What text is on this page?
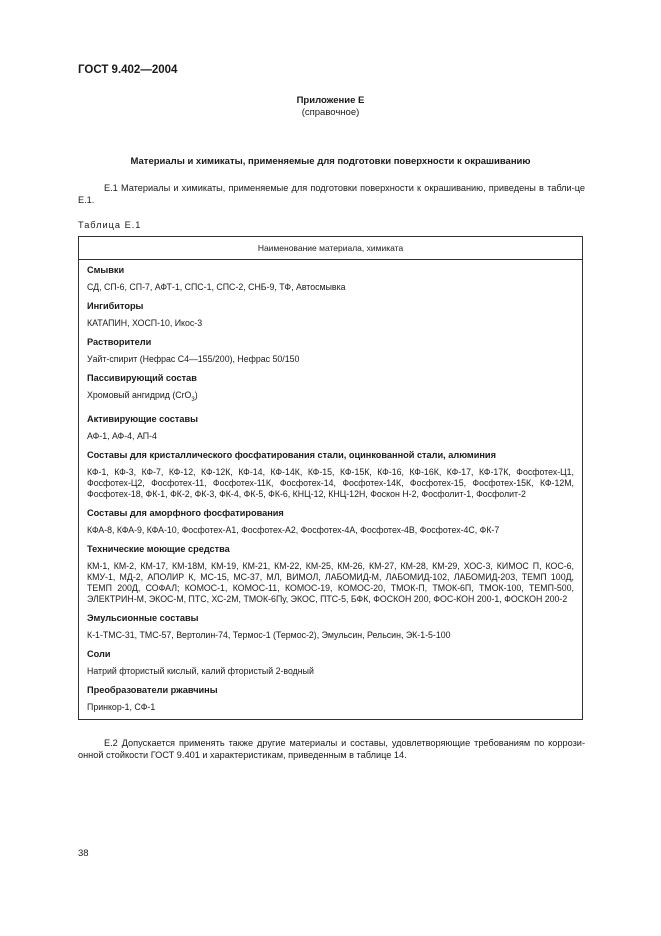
ГОСТ 9.402—2004
Приложение Е
(справочное)
Материалы и химикаты, применяемые для подготовки поверхности к окрашиванию
Е.1 Материалы и химикаты, применяемые для подготовки поверхности к окрашиванию, приведены в табли-це Е.1.
Таблица Е.1
Наименование материала, химиката
Смывки
СД, СП-6, СП-7, АФТ-1, СПС-1, СПС-2, СНБ-9, ТФ, Автосмывка
Ингибиторы
КАТАПИН, ХОСП-10, Икос-3
Растворители
Уайт-спирит (Нефрас С4—155/200), Нефрас 50/150
Пассивирующий состав
Хромовый ангидрид (CrO$_3$)
Активирующие составы
АФ-1, АФ-4, АП-4
Составы для кристаллического фосфатирования стали, оцинкованной стали, алюминия
КФ-1, КФ-3, КФ-7, КФ-12, КФ-12К, КФ-14, КФ-14К, КФ-15, КФ-15К, КФ-16, КФ-16К, КФ-17, КФ-17К, Фосфотех-Ц1, Фосфотех-Ц2, Фосфотех-11, Фосфотех-11К, Фосфотех-14, Фосфотех-14К, Фосфотех-15, Фосфотех-15К, КФ-12М, Фосфотех-18, ФК-1, ФК-2, ФК-3, ФК-4, ФК-5, ФК-6, КНЦ-12, КНЦ-12Н, Фоскон Н-2, Фосфолит-1, Фосфолит-2
Составы для аморфного фосфатирования
КФА-8, КФА-9, КФА-10, Фосфотех-А1, Фосфотех-А2, Фосфотех-4А, Фосфотех-4В, Фосфотех-4С, ФК-7
Технические моющие средства
КМ-1, КМ-2, КМ-17, КМ-18М, КМ-19, КМ-21, КМ-22, КМ-25, КМ-26, КМ-27, КМ-28, КМ-29, ХОС-3, КИМОС П, КОС-6, КМУ-1, МД-2, АПОЛИР К, МС-15, МС-37, МЛ, ВИМОЛ, ЛАБОМИД-М, ЛАБОМИД-102, ЛАБОМИД-203, ТЕМП 100Д, ТЕМП 200Д, СОФАЛ; КОМОС-1, КОМОС-11, КОМОС-19, КОМОС-20, ТМОК-П, ТМОК-6П, ТМОК-100, ТЕМП-500, ЭЛЕКТРИН-М, ЭКОС-М, ПТС, ХС-2М, ТМОК-6Пу, ЭКОС, ПТС-5, БФК, ФОСКОН 200, ФОС-КОН 200-1, ФОСКОН 200-2
Эмульсионные составы
К-1-ТМС-31, ТМС-57, Вертолин-74, Термос-1 (Термос-2), Эмульсин, Рельсин, ЭК-1-5-100
Соли
Натрий фтористый кислый, калий фтористый 2-водный
Преобразователи ржавчины
Принкор-1, СФ-1
Е.2 Допускается применять также другие материалы и составы, удовлетворяющие требованиям по коррози-онной стойкости ГОСТ 9.401 и характеристикам, приведенным в таблице 14.
38
